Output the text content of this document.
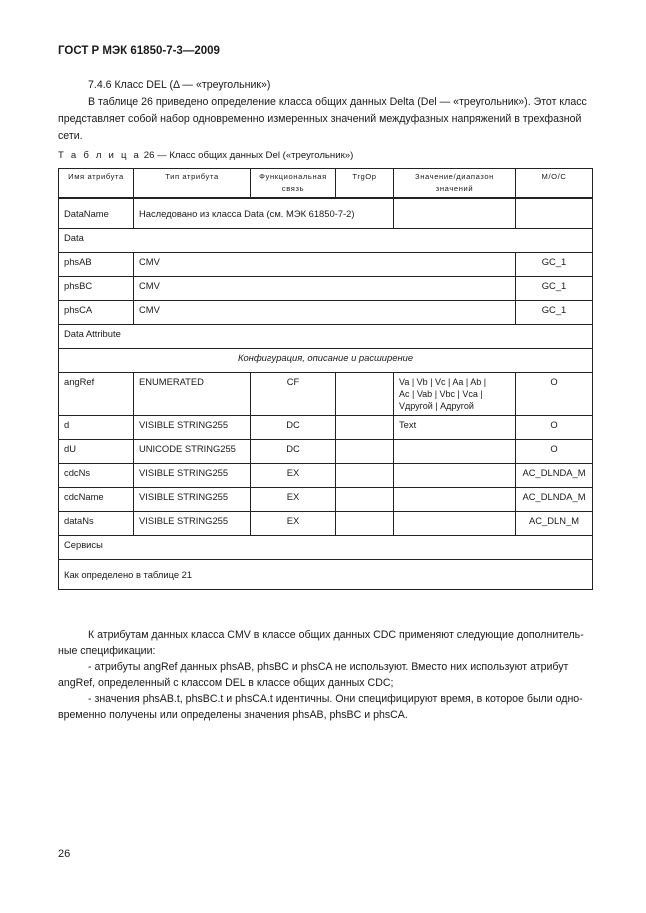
ГОСТ Р МЭК 61850-7-3—2009
7.4.6 Класс DEL (Δ — «треугольник»)
В таблице 26 приведено определение класса общих данных Delta (Del — «треугольник»). Этот класс
представляет собой набор одновременно измеренных значений междуфазных напряжений в трехфазной
сети.
Т а б л и ц а 26 — Класс общих данных Del («треугольник»)
Имя атрибута	Тип атрибута	Функциональная
связь	TrgOp	Значение/диапазон
значений	M/O/C
DataName	Наследовано из класса Data (см. МЭК 61850-7-2)				
Data					
phsAB	CMV				GC_1
phsBC	CMV				GC_1
phsCA	CMV				GC_1
Data Attribute					
Конфигурация, описание и расширение					
angRef	ENUMERATED	CF		Va | Vb | Vc | Aa | Ab |
Ac | Vab | Vbc | Vca |
Vдругой | Адругой	O
d	VISIBLE STRING255	DC		Text	O
dU	UNICODE STRING255	DC			O
cdcNs	VISIBLE STRING255	EX			AC_DLNDA_M
cdcName	VISIBLE STRING255	EX			AC_DLNDA_M
dataNs	VISIBLE STRING255	EX			AC_DLN_M
Сервисы					
Как определено в таблице 21					
К атрибутам данных класса CMV в классе общих данных CDC применяют следующие дополнитель-
ные спецификации:
- атрибуты angRef данных phsAB, phsBC и phsCA не используют. Вместо них используют атрибут
angRef, определенный с классом DEL в классе общих данных CDC;
- значения phsAB.t, phsBC.t и phsCA.t идентичны. Они специфицируют время, в которое были одно-
временно получены или определены значения phsAB, phsBC и phsCA.
26
